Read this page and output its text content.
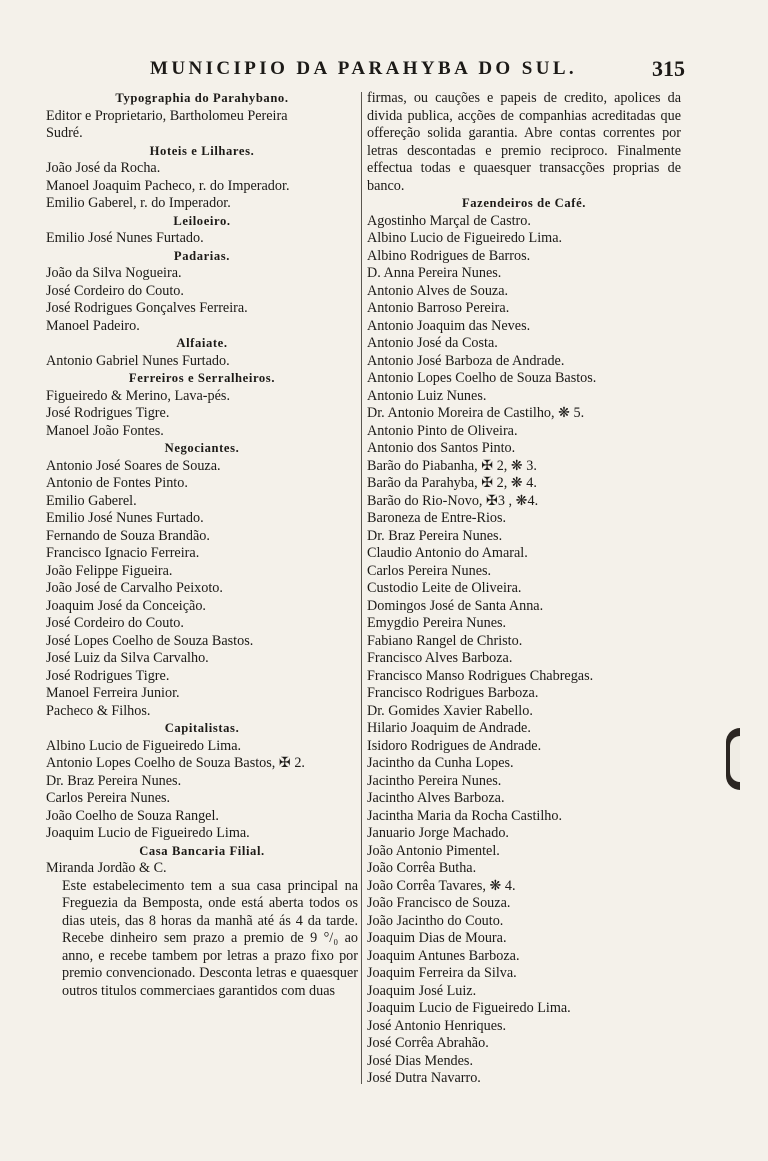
MUNICIPIO DA PARAHYBA DO SUL.	315
Typographia do Parahybano.
Editor e Proprietario, Bartholomeu Pereira
Sudré.
Hoteis e Lilhares.
João José da Rocha.
Manoel Joaquim Pacheco, r. do Imperador.
Emilio Gaberel, r. do Imperador.
Leiloeiro.
Emilio José Nunes Furtado.
Padarias.
João da Silva Nogueira.
José Cordeiro do Couto.
José Rodrigues Gonçalves Ferreira.
Manoel Padeiro.
Alfaiate.
Antonio Gabriel Nunes Furtado.
Ferreiros e Serralheiros.
Figueiredo & Merino, Lava-pés.
José Rodrigues Tigre.
Manoel João Fontes.
Negociantes.
Antonio José Soares de Souza.
Antonio de Fontes Pinto.
Emilio Gaberel.
Emilio José Nunes Furtado.
Fernando de Souza Brandão.
Francisco Ignacio Ferreira.
João Felippe Figueira.
João José de Carvalho Peixoto.
Joaquim José da Conceição.
José Cordeiro do Couto.
José Lopes Coelho de Souza Bastos.
José Luiz da Silva Carvalho.
José Rodrigues Tigre.
Manoel Ferreira Junior.
Pacheco & Filhos.
Capitalistas.
Albino Lucio de Figueiredo Lima.
Antonio Lopes Coelho de Souza Bastos, ✠ 2.
Dr. Braz Pereira Nunes.
Carlos Pereira Nunes.
João Coelho de Souza Rangel.
Joaquim Lucio de Figueiredo Lima.
Casa Bancaria Filial.
Miranda Jordão & C.

Este estabelecimento tem a sua casa principal na Freguezia da Bemposta, onde está aberta todos os dias uteis, das 8 horas da manhã até ás 4 da tarde. Recebe dinheiro sem prazo a premio de 9 °/₀ ao anno, e recebe tambem por letras a prazo fixo por premio convencionado. Desconta letras e quaesquer outros titulos commerciaes garantidos com duas

firmas, ou cauções e papeis de credito, apolices da divida publica, acções de companhias acreditadas que offereção solida garantia. Abre contas correntes por letras descontadas e premio reciproco. Finalmente effectua todas e quaesquer transacções proprias de banco.

Fazendeiros de Café.
Agostinho Marçal de Castro.
Albino Lucio de Figueiredo Lima.
Albino Rodrigues de Barros.
D. Anna Pereira Nunes.
Antonio Alves de Souza.
Antonio Barroso Pereira.
Antonio Joaquim das Neves.
Antonio José da Costa.
Antonio José Barboza de Andrade.
Antonio Lopes Coelho de Souza Bastos.
Antonio Luiz Nunes.
Dr. Antonio Moreira de Castilho, ❋ 5.
Antonio Pinto de Oliveira.
Antonio dos Santos Pinto.
Barão do Piabanha, ✠ 2, ❋ 3.
Barão da Parahyba, ✠ 2, ❋ 4.
Barão do Rio-Novo, ✠3 , ❋4.
Baroneza de Entre-Rios.
Dr. Braz Pereira Nunes.
Claudio Antonio do Amaral.
Carlos Pereira Nunes.
Custodio Leite de Oliveira.
Domingos José de Santa Anna.
Emygdio Pereira Nunes.
Fabiano Rangel de Christo.
Francisco Alves Barboza.
Francisco Manso Rodrigues Chabregas.
Francisco Rodrigues Barboza.
Dr. Gomides Xavier Rabello.
Hilario Joaquim de Andrade.
Isidoro Rodrigues de Andrade.
Jacintho da Cunha Lopes.
Jacintho Pereira Nunes.
Jacintho Alves Barboza.
Jacintha Maria da Rocha Castilho.
Januario Jorge Machado.
João Antonio Pimentel.
João Corrêa Butha.
João Corrêa Tavares, ❋ 4.
João Francisco de Souza.
João Jacintho do Couto.
Joaquim Dias de Moura.
Joaquim Antunes Barboza.
Joaquim Ferreira da Silva.
Joaquim José Luiz.
Joaquim Lucio de Figueiredo Lima.
José Antonio Henriques.
José Corrêa Abrahão.
José Dias Mendes.
José Dutra Navarro.
